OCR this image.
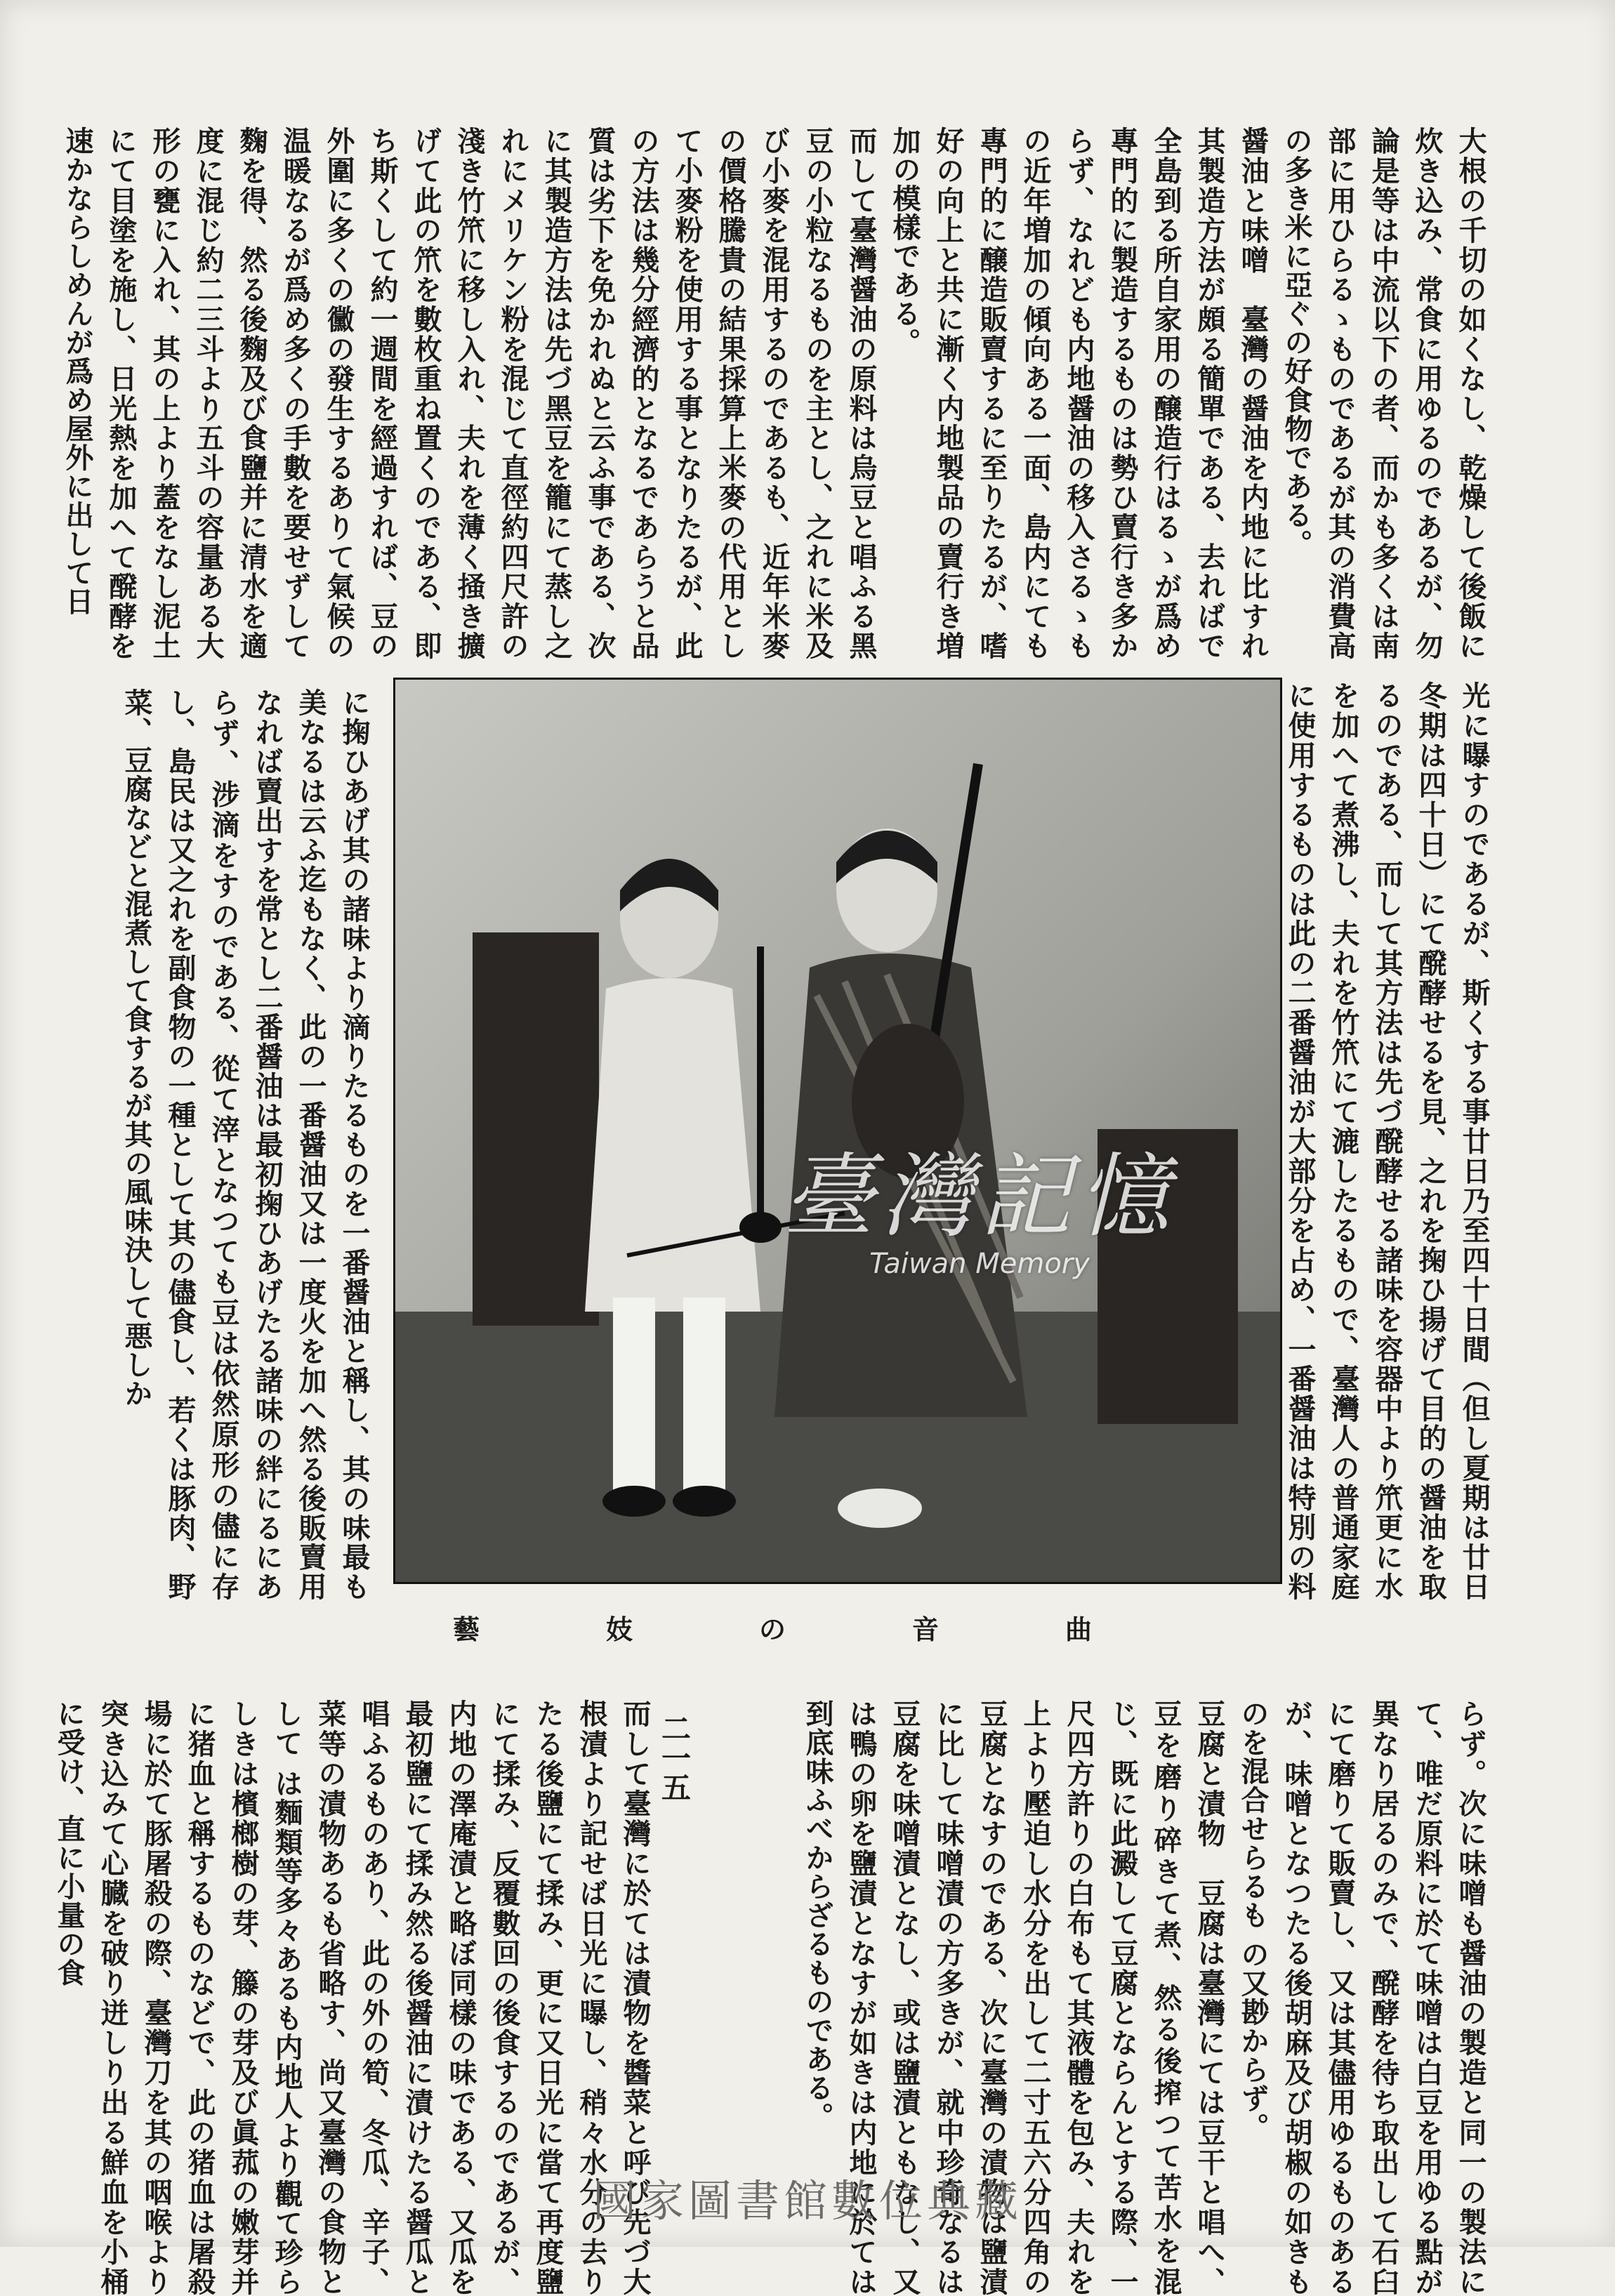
大根の千切の如くなし、乾燥して後飯に炊き込み、常食に用ゆるのであるが、勿論是等は中流以下の者、而かも多くは南部に用ひらるゝものであるが其の消費高の多き米に亞ぐの好食物である。
醤油と味噌　臺灣の醤油を内地に比すれ其製造方法が頗る簡單である、去ればで全島到る所自家用の醸造行はるゝが爲め專門的に製造するものは勢ひ賣行き多からず、なれども内地醤油の移入さるゝもの近年増加の傾向ある一面、島内にても專門的に醸造販賣するに至りたるが、嗜好の向上と共に漸く内地製品の賣行き増加の模樣である。
而して臺灣醤油の原料は烏豆と唱ふる黑豆の小粒なるものを主とし、之れに米及び小麥を混用するのであるも、近年米麥の價格騰貴の結果採算上米麥の代用として小麥粉を使用する事となりたるが、此の方法は幾分經濟的となるであらうと品質は劣下を免かれぬと云ふ事である、次に其製造方法は先づ黑豆を籠にて蒸し之れにメリケン粉を混じて直徑約四尺許の淺き竹笊に移し入れ、夫れを薄く掻き擴げて此の笊を數枚重ね置くのである、即ち斯くして約一週間を經過すれば、豆の外圍に多くの黴の發生するありて氣候の温暖なるが爲め多くの手數を要せずして麴を得、然る後麴及び食鹽并に清水を適度に混じ約二三斗より五斗の容量ある大形の甕に入れ、其の上より蓋をなし泥土にて目塗を施し、日光熱を加へて醗酵を速かならしめんが爲め屋外に出して日
光に曝すのであるが、斯くする事廿日乃至四十日間（但し夏期は廿日冬期は四十日）にて醗酵せるを見、之れを掬ひ揚げて目的の醤油を取るのである、而して其方法は先づ醗酵せる諸味を容器中より笊更に水を加へて煮沸し、夫れを竹笊にて漉したるもので、臺灣人の普通家庭に使用するものは此の二番醤油が大部分を占め、一番醤油は特別の料
に掬ひあげ其の諸味より滴りたるものを一番醤油と稱し、其の味最も美なるは云ふ迄もなく、此の一番醤油又は一度火を加へ然る後販賣用なれば賣出すを常とし二番醤油は最初掬ひあげたる諸味の絆にるにあらず、涉滴をすのである、從て滓となつても豆は依然原形の儘に存し、島民は又之れを副食物の一種として其の儘食し、若くは豚肉、野菜、豆腐などと混煮して食するが其の風味決して悪しか	臺灣記憶
Taiwan Memory
藝妓の音曲
らず。次に味噌も醤油の製造と同一の製法にて、唯だ原料に於て味噌は白豆を用ゆる點が異なり居るのみで、醗酵を待ち取出して石臼にて磨りて販賣し、又は其儘用ゆるものあるが、味噌となつたる後胡麻及び胡椒の如きものを混合せらるも の又尠からず。
豆腐と漬物　豆腐は臺灣にては豆干と唱へ、豆を磨り碎きて煮、然る後搾つて苦水を混じ、既に此澱して豆腐とならんとする際、一尺四方許りの白布もて其液體を包み、夫れを上より壓迫し水分を出して二寸五六分四角の豆腐となすのである、次に臺灣の漬物は鹽漬に比して味噌漬の方多きが、就中珍奇なるは豆腐を味噌漬となし、或は鹽漬ともなし、又は鴨の卵を鹽漬となすが如きは内地に於ては到底味ふべからざるものである。
二一五
而して臺灣に於ては漬物を醬菜と呼び先づ大根漬より記せば日光に曝し、稍々水分の去りたる後鹽にて揉み、更に又日光に當て再度鹽にて揉み、反覆數回の後食するのであるが、内地の澤庵漬と略ぼ同樣の味である、又瓜を最初鹽にて揉み然る後醤油に漬けたる醤瓜と唱ふるものあり、此の外の筍、冬瓜、辛子、菜等の漬物あるも省略す、尚又臺灣の食物として は麵類等多々あるも内地人より觀て珍らしきは檳榔樹の芽、籐の芽及び眞菰の嫩芽并に猪血と稱するものなどで、此の猪血は屠殺場に於て豚屠殺の際、臺灣刀を其の咽喉より突き込みて心臓を破り迸しり出る鮮血を小桶に受け、直に小量の食
國家圖書館數位典藏
